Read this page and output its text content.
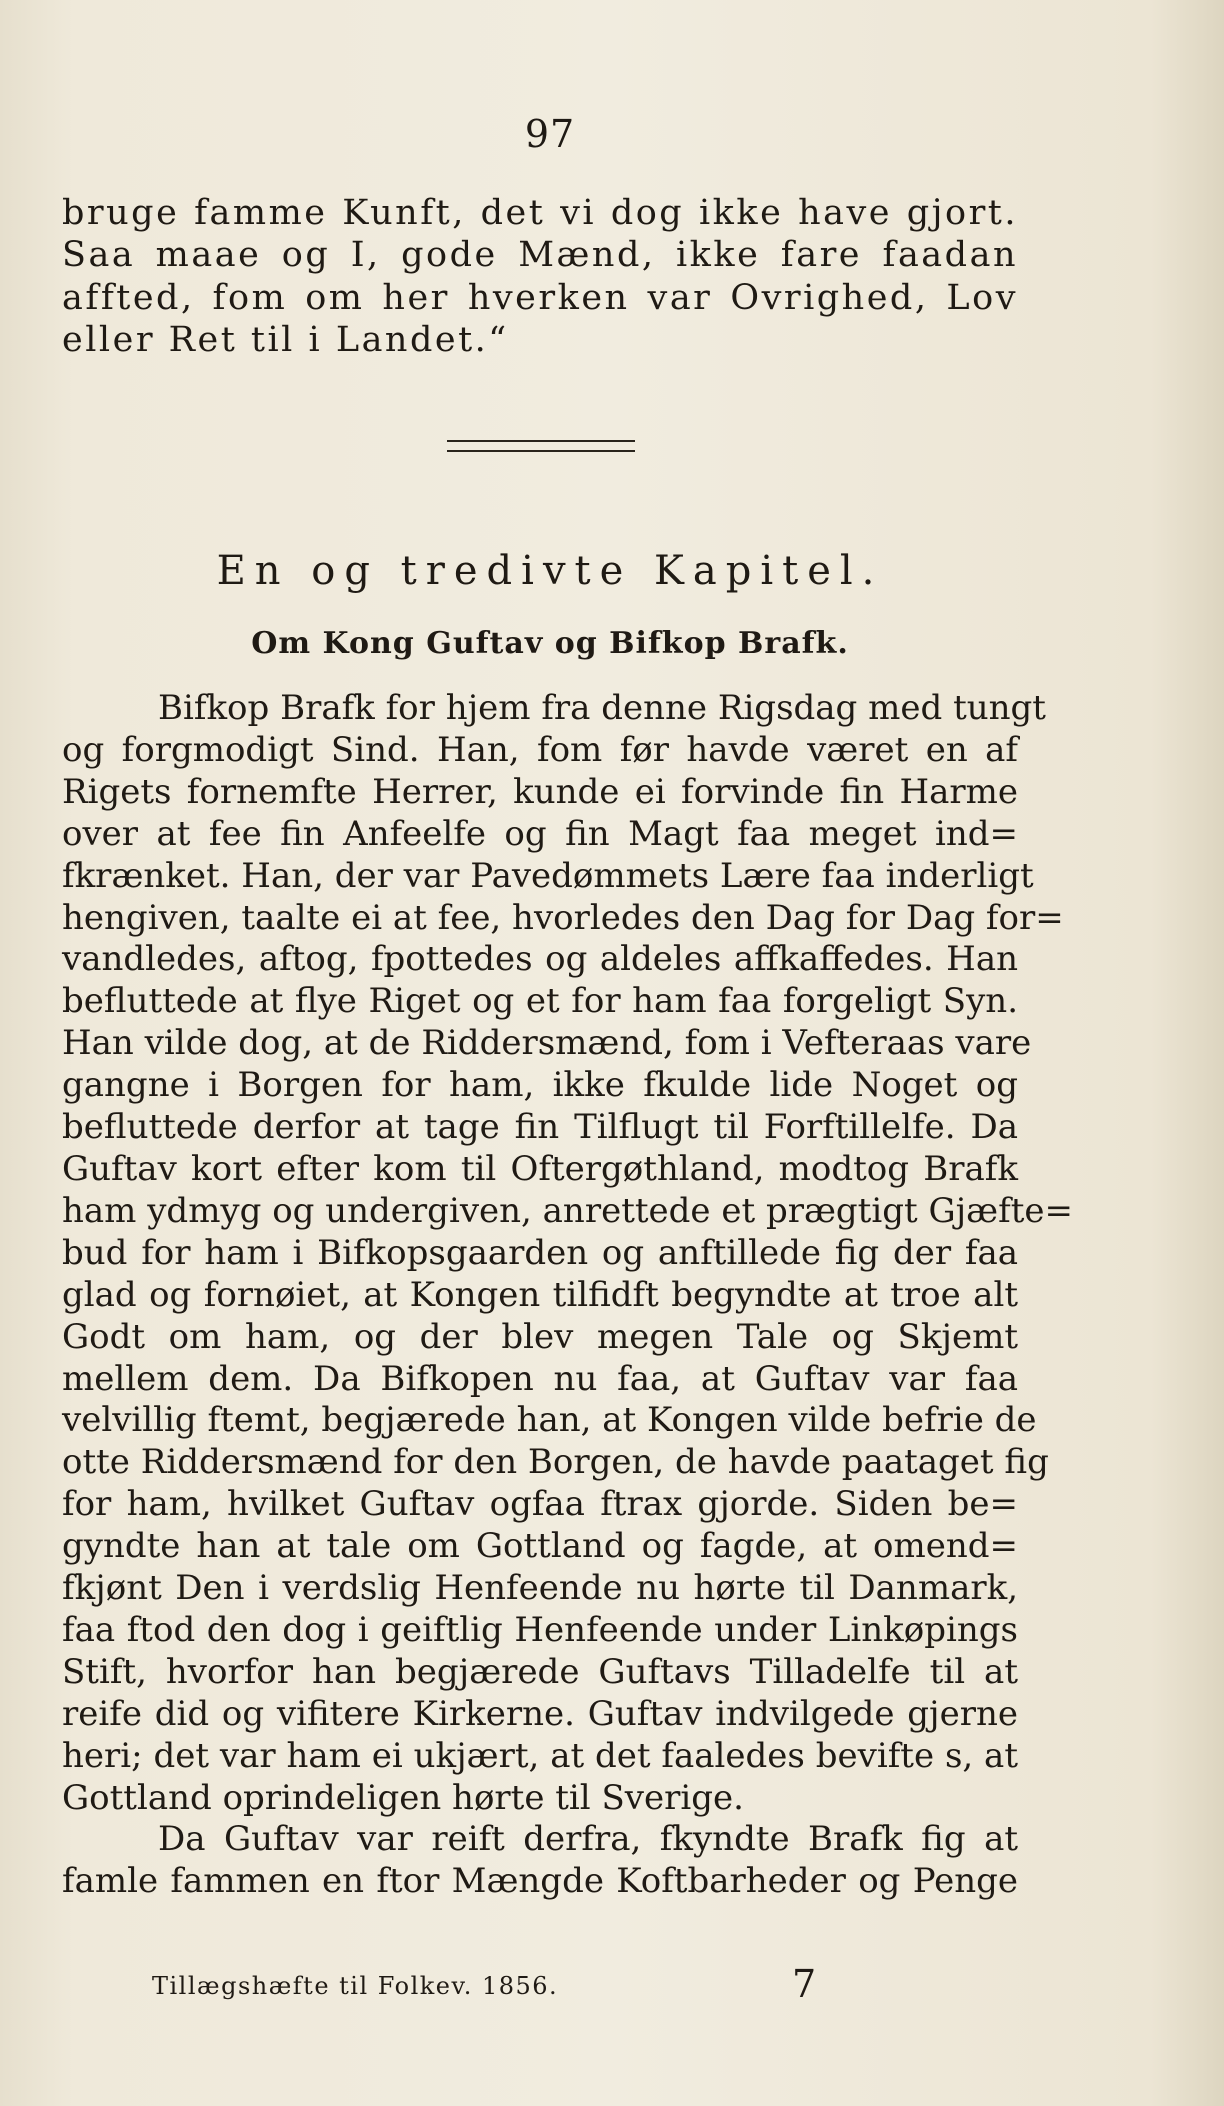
97
bruge famme Kunft, det vi dog ikke have gjort.
Saa maae og I, gode Mænd, ikke fare faadan
affted, fom om her hverken var Ovrighed, Lov
eller Ret til i Landet.“
En og tredivte Kapitel.
Om Kong Guftav og Bifkop Brafk.
Bifkop Brafk for hjem fra denne Rigsdag med tungt
og forgmodigt Sind. Han, fom før havde været en af
Rigets fornemfte Herrer, kunde ei forvinde fin Harme
over at fee fin Anfeelfe og fin Magt faa meget ind=
fkrænket. Han, der var Pavedømmets Lære faa inderligt
hengiven, taalte ei at fee, hvorledes den Dag for Dag for=
vandledes, aftog, fpottedes og aldeles affkaffedes. Han
befluttede at flye Riget og et for ham faa forgeligt Syn.
Han vilde dog, at de Riddersmænd, fom i Vefteraas vare
gangne i Borgen for ham, ikke fkulde lide Noget og
befluttede derfor at tage fin Tilflugt til Forftillelfe. Da
Guftav kort efter kom til Oftergøthland, modtog Brafk
ham ydmyg og undergiven, anrettede et prægtigt Gjæfte=
bud for ham i Bifkopsgaarden og anftillede fig der faa
glad og fornøiet, at Kongen tilfidft begyndte at troe alt
Godt om ham, og der blev megen Tale og Skjemt
mellem dem. Da Bifkopen nu faa, at Guftav var faa
velvillig ftemt, begjærede han, at Kongen vilde befrie de
otte Riddersmænd for den Borgen, de havde paataget fig
for ham, hvilket Guftav ogfaa ftrax gjorde. Siden be=
gyndte han at tale om Gottland og fagde, at omend=
fkjønt Den i verdslig Henfeende nu hørte til Danmark,
faa ftod den dog i geiftlig Henfeende under Linkøpings
Stift, hvorfor han begjærede Guftavs Tilladelfe til at
reife did og vifitere Kirkerne. Guftav indvilgede gjerne
heri; det var ham ei ukjært, at det faaledes bevifte s, at
Gottland oprindeligen hørte til Sverige.
Da Guftav var reift derfra, fkyndte Brafk fig at
famle fammen en ftor Mængde Koftbarheder og Penge
Tillægshæfte til Folkev. 1856.	7
